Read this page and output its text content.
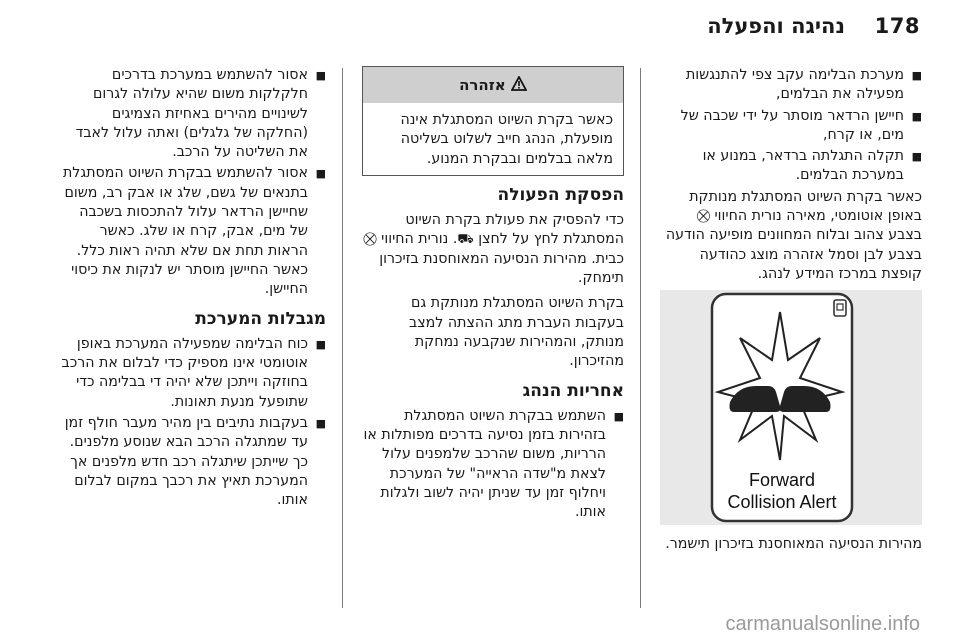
178
נהיגה והפעלה
■ מערכת הבלימה עקב צפי להתנגשות מפעילה את הבלמים,
■ חיישן הרדאר מוסתר על ידי שכבה של מים, או קרח,
■ תקלה התגלתה ברדאר, במנוע או במערכת הבלמים.

כאשר בקרת השיוט המסתגלת מנותקת באופן אוטומטי, מאירה נורית החיווי ⛒ בצבע צהוב ובלוח המחוונים מופיעה הודעה בצבע לבן וסמל אזהרה מוצג כהודעה קופצת במרכז המידע לנהג.

Forward
Collision Alert

מהירות הנסיעה המאוחסנת בזיכרון תישמר.

אזהרה
כאשר בקרת השיוט המסתגלת אינה מופעלת, הנהג חייב לשלוט בשליטה מלאה בבלמים ובבקרת המנוע.
הפסקת הפעולה

כדי להפסיק את פעולת בקרת השיוט המסתגלת לחץ על לחצן ⛟. נורית החיווי ⛒ כבית. מהירות הנסיעה המאוחסנת בזיכרון תימחק.

בקרת השיוט המסתגלת מנותקת גם בעקבות העברת מתג ההצתה למצב מנותק, והמהירות שנקבעה נמחקת מהזיכרון.

אחריות הנהג
■ השתמש בבקרת השיוט המסתגלת בזהירות בזמן נסיעה בדרכים מפותלות או הרריות, משום שהרכב שלמפנים עלול לצאת מ"שדה הראייה" של המערכת ויחלוף זמן עד שניתן יהיה לשוב ולגלות אותו.
■ אסור להשתמש במערכת בדרכים חלקלקות משום שהיא עלולה לגרום לשינויים מהירים באחיזת הצמיגים (החלקה של גלגלים) ואתה עלול לאבד את השליטה על הרכב.
■ אסור להשתמש בבקרת השיוט המסתגלת בתנאים של גשם, שלג או אבק רב, משום שחיישן הרדאר עלול להתכסות בשכבה של מים, אבק, קרח או שלג. כאשר הראות תחת אם שלא תהיה ראות כלל. כאשר החיישן מוסתר יש לנקות את כיסוי החיישן.
מגבלות המערכת
■ כוח הבלימה שמפעילה המערכת באופן אוטומטי אינו מספיק כדי לבלום את הרכב בחוזקה וייתכן שלא יהיה די בבלימה כדי שתופעל מנעת תאונות.
■ בעקבות נתיבים בין מהיר מעבר חולף זמן עד שמתגלה הרכב הבא שנוסע מלפנים. כך שייתכן שיתגלה רכב חדש מלפנים אך המערכת תאיץ את רכבך במקום לבלום אותו.
carmanualsonline.info
